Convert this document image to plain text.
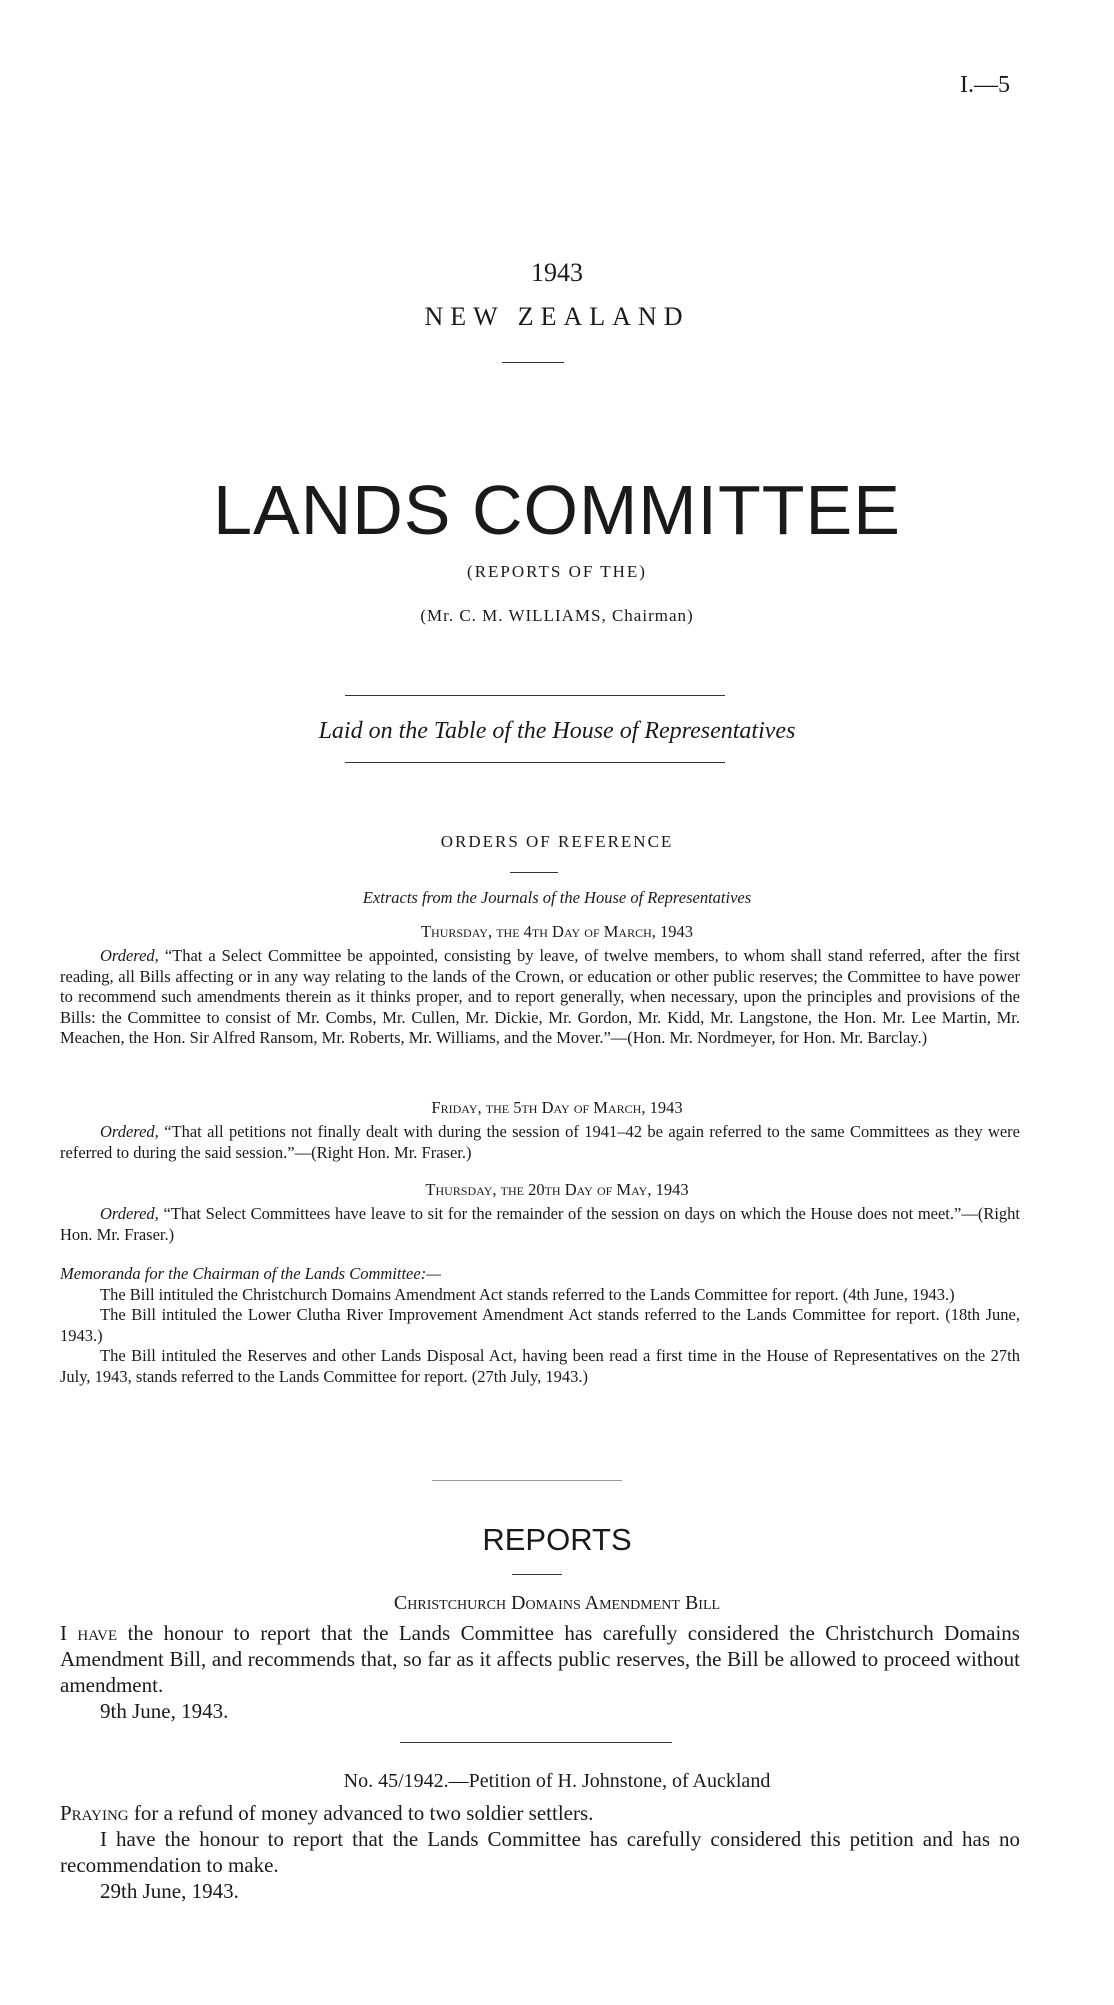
I.—5
1943
NEW ZEALAND
LANDS COMMITTEE
(REPORTS OF THE)
(Mr. C. M. WILLIAMS, Chairman)
Laid on the Table of the House of Representatives
ORDERS OF REFERENCE
Extracts from the Journals of the House of Representatives
Thursday, the 4th Day of March, 1943

Ordered, “That a Select Committee be appointed, consisting by leave, of twelve members, to whom shall stand referred, after the first reading, all Bills affecting or in any way relating to the lands of the Crown, or education or other public reserves; the Committee to have power to recommend such amendments therein as it thinks proper, and to report generally, when necessary, upon the principles and provisions of the Bills: the Committee to consist of Mr. Combs, Mr. Cullen, Mr. Dickie, Mr. Gordon, Mr. Kidd, Mr. Langstone, the Hon. Mr. Lee Martin, Mr. Meachen, the Hon. Sir Alfred Ransom, Mr. Roberts, Mr. Williams, and the Mover.”—(Hon. Mr. Nordmeyer, for Hon. Mr. Barclay.)

Friday, the 5th Day of March, 1943

Ordered, “That all petitions not finally dealt with during the session of 1941–42 be again referred to the same Committees as they were referred to during the said session.”—(Right Hon. Mr. Fraser.)

Thursday, the 20th Day of May, 1943

Ordered, “That Select Committees have leave to sit for the remainder of the session on days on which the House does not meet.”—(Right Hon. Mr. Fraser.)

Memoranda for the Chairman of the Lands Committee:—

The Bill intituled the Christchurch Domains Amendment Act stands referred to the Lands Committee for report. (4th June, 1943.)

The Bill intituled the Lower Clutha River Improvement Amendment Act stands referred to the Lands Committee for report. (18th June, 1943.)

The Bill intituled the Reserves and other Lands Disposal Act, having been read a first time in the House of Representatives on the 27th July, 1943, stands referred to the Lands Committee for report. (27th July, 1943.)

REPORTS
Christchurch Domains Amendment Bill

I have the honour to report that the Lands Committee has carefully considered the Christchurch Domains Amendment Bill, and recommends that, so far as it affects public reserves, the Bill be allowed to proceed without amendment.

9th June, 1943.

No. 45/1942.—Petition of H. Johnstone, of Auckland

Praying for a refund of money advanced to two soldier settlers.

I have the honour to report that the Lands Committee has carefully considered this petition and has no recommendation to make.

29th June, 1943.
